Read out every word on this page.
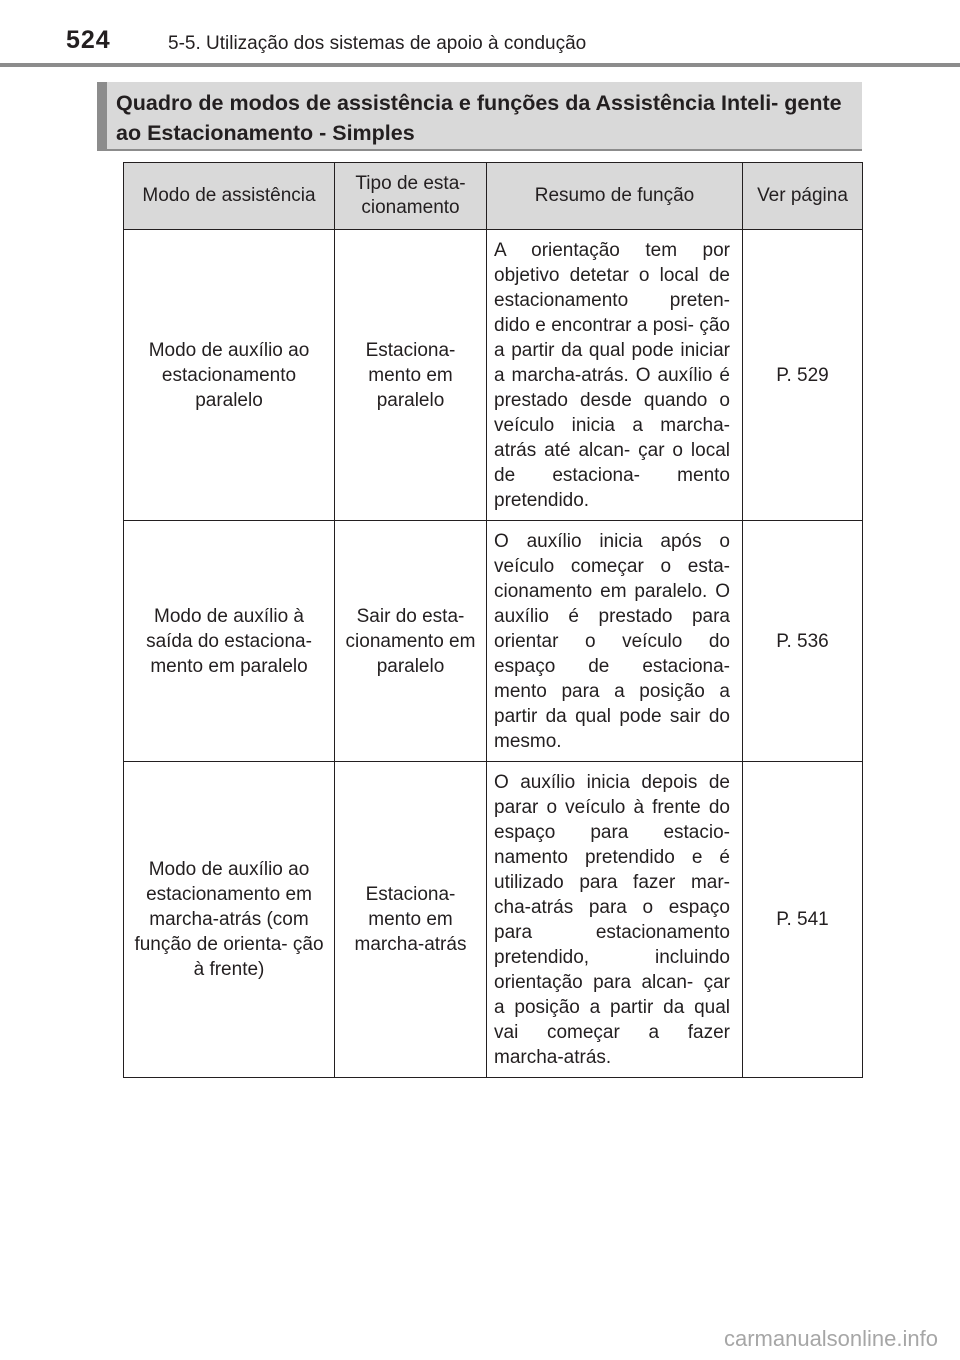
524	5-5. Utilização dos sistemas de apoio à condução
Quadro de modos de assistência e funções da Assistência Inteli- gente ao Estacionamento - Simples
Modo de assistência	Tipo de esta- cionamento	Resumo de função	Ver página
Modo de auxílio ao estacionamento paralelo	Estaciona- mento em paralelo	A orientação tem por objetivo detetar o local de estacionamento preten- dido e encontrar a posi- ção a partir da qual pode iniciar a marcha-atrás. O auxílio é prestado desde quando o veículo inicia a marcha-atrás até alcan- çar o local de estaciona- mento pretendido.	P. 529
Modo de auxílio à saída do estaciona- mento em paralelo	Sair do esta- cionamento em paralelo	O auxílio inicia após o veículo começar o esta- cionamento em paralelo. O auxílio é prestado para orientar o veículo do espaço de estaciona- mento para a posição a partir da qual pode sair do mesmo.	P. 536
Modo de auxílio ao estacionamento em marcha-atrás (com função de orienta- ção à frente)	Estaciona- mento em marcha-atrás	O auxílio inicia depois de parar o veículo à frente do espaço para estacio- namento pretendido e é utilizado para fazer mar- cha-atrás para o espaço para estacionamento pretendido, incluindo orientação para alcan- çar a posição a partir da qual vai começar a fazer marcha-atrás.	P. 541
carmanualsonline.info
